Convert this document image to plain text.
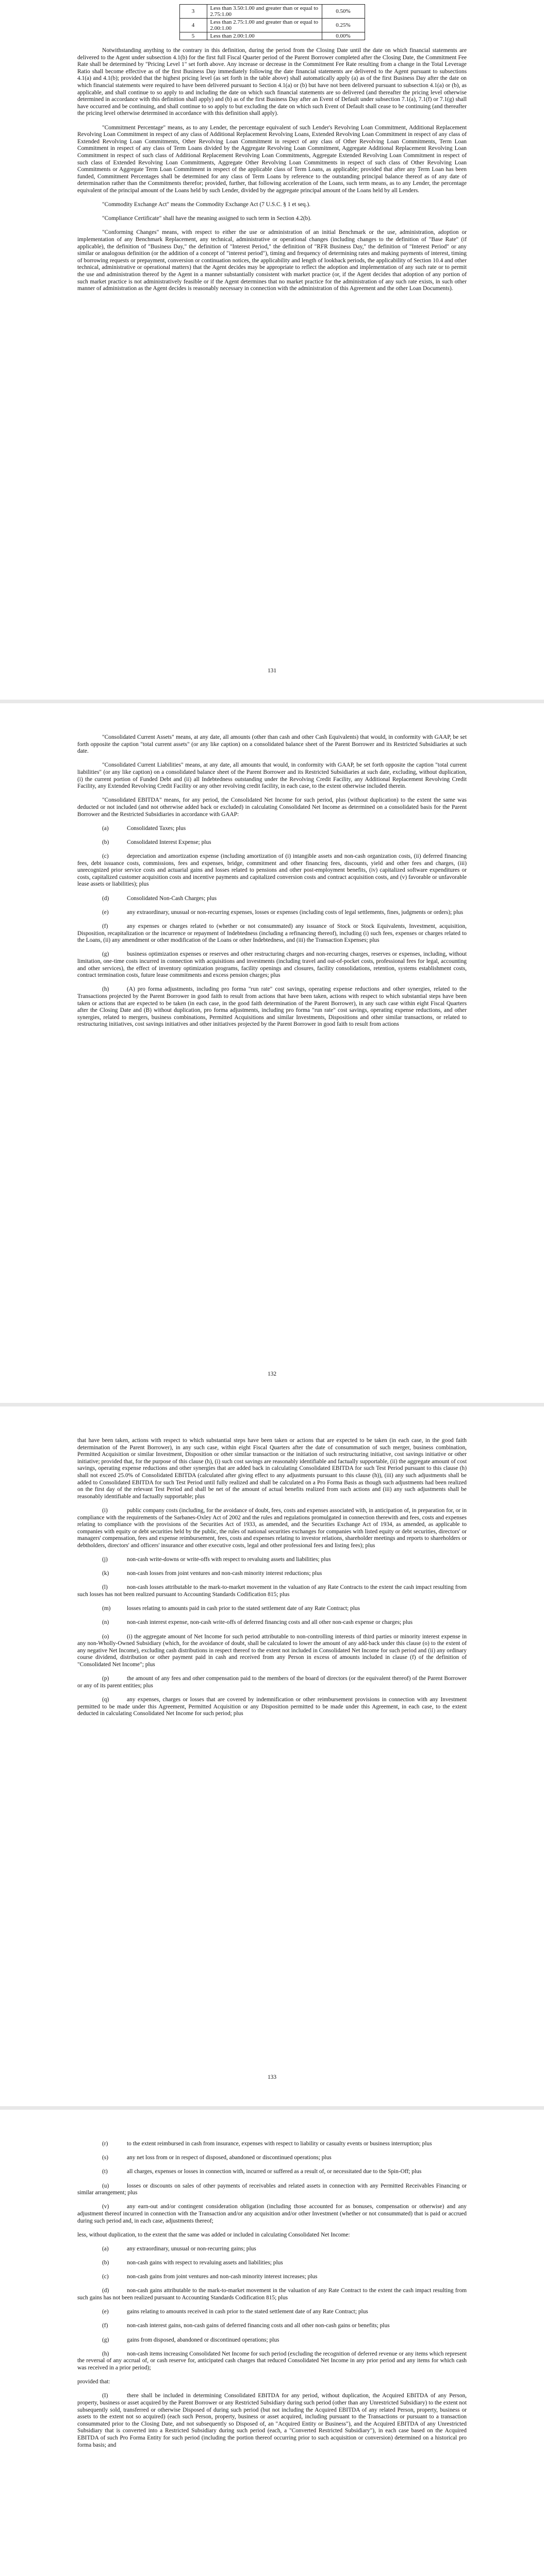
3	Less than 3.50:1.00 and greater than or equal to 2.75:1.00	0.50%
4	Less than 2.75:1.00 and greater than or equal to 2.00:1.00	0.25%
5	Less than 2.00:1.00	0.00%

Notwithstanding anything to the contrary in this definition, during the period from the Closing Date until the date on which financial statements are delivered to the Agent under subsection 4.1(b) for the first full Fiscal Quarter period of the Parent Borrower completed after the Closing Date, the Commitment Fee Rate shall be determined by "Pricing Level 1" set forth above. Any increase or decrease in the Commitment Fee Rate resulting from a change in the Total Leverage Ratio shall become effective as of the first Business Day immediately following the date financial statements are delivered to the Agent pursuant to subsections 4.1(a) and 4.1(b); provided that the highest pricing level (as set forth in the table above) shall automatically apply (a) as of the first Business Day after the date on which financial statements were required to have been delivered pursuant to Section 4.1(a) or (b) but have not been delivered pursuant to subsection 4.1(a) or (b), as applicable, and shall continue to so apply to and including the date on which such financial statements are so delivered (and thereafter the pricing level otherwise determined in accordance with this definition shall apply) and (b) as of the first Business Day after an Event of Default under subsection 7.1(a), 7.1(f) or 7.1(g) shall have occurred and be continuing, and shall continue to so apply to but excluding the date on which such Event of Default shall cease to be continuing (and thereafter the pricing level otherwise determined in accordance with this definition shall apply).

"Commitment Percentage" means, as to any Lender, the percentage equivalent of such Lender's Revolving Loan Commitment, Additional Replacement Revolving Loan Commitment in respect of any class of Additional Replacement Revolving Loans, Extended Revolving Loan Commitment in respect of any class of Extended Revolving Loan Commitments, Other Revolving Loan Commitment in respect of any class of Other Revolving Loan Commitments, Term Loan Commitment in respect of any class of Term Loans divided by the Aggregate Revolving Loan Commitment, Aggregate Additional Replacement Revolving Loan Commitment in respect of such class of Additional Replacement Revolving Loan Commitments, Aggregate Extended Revolving Loan Commitment in respect of such class of Extended Revolving Loan Commitments, Aggregate Other Revolving Loan Commitments in respect of such class of Other Revolving Loan Commitments or Aggregate Term Loan Commitment in respect of the applicable class of Term Loans, as applicable; provided that after any Term Loan has been funded, Commitment Percentages shall be determined for any class of Term Loans by reference to the outstanding principal balance thereof as of any date of determination rather than the Commitments therefor; provided, further, that following acceleration of the Loans, such term means, as to any Lender, the percentage equivalent of the principal amount of the Loans held by such Lender, divided by the aggregate principal amount of the Loans held by all Lenders.

"Commodity Exchange Act" means the Commodity Exchange Act (7 U.S.C. § 1 et seq.).

"Compliance Certificate" shall have the meaning assigned to such term in Section 4.2(b).

"Conforming Changes" means, with respect to either the use or administration of an initial Benchmark or the use, administration, adoption or implementation of any Benchmark Replacement, any technical, administrative or operational changes (including changes to the definition of "Base Rate" (if applicable), the definition of "Business Day," the definition of "Interest Period," the definition of "RFR Business Day," the definition of "Interest Period" or any similar or analogous definition (or the addition of a concept of "interest period"), timing and frequency of determining rates and making payments of interest, timing of borrowing requests or prepayment, conversion or continuation notices, the applicability and length of lookback periods, the applicability of Section 10.4 and other technical, administrative or operational matters) that the Agent decides may be appropriate to reflect the adoption and implementation of any such rate or to permit the use and administration thereof by the Agent in a manner substantially consistent with market practice (or, if the Agent decides that adoption of any portion of such market practice is not administratively feasible or if the Agent determines that no market practice for the administration of any such rate exists, in such other manner of administration as the Agent decides is reasonably necessary in connection with the administration of this Agreement and the other Loan Documents).

131

"Consolidated Current Assets" means, at any date, all amounts (other than cash and other Cash Equivalents) that would, in conformity with GAAP, be set forth opposite the caption "total current assets" (or any like caption) on a consolidated balance sheet of the Parent Borrower and its Restricted Subsidiaries at such date.

"Consolidated Current Liabilities" means, at any date, all amounts that would, in conformity with GAAP, be set forth opposite the caption "total current liabilities" (or any like caption) on a consolidated balance sheet of the Parent Borrower and its Restricted Subsidiaries at such date, excluding, without duplication, (i) the current portion of Funded Debt and (ii) all Indebtedness outstanding under the Revolving Credit Facility, any Additional Replacement Revolving Credit Facility, any Extended Revolving Credit Facility or any other revolving credit facility, in each case, to the extent otherwise included therein.

"Consolidated EBITDA" means, for any period, the Consolidated Net Income for such period, plus (without duplication) to the extent the same was deducted or not included (and not otherwise added back or excluded) in calculating Consolidated Net Income as determined on a consolidated basis for the Parent Borrower and the Restricted Subsidiaries in accordance with GAAP:

(a)	Consolidated Taxes; plus

(b)	Consolidated Interest Expense; plus

(c)	depreciation and amortization expense (including amortization of (i) intangible assets and non-cash organization costs, (ii) deferred financing fees, debt issuance costs, commissions, fees and expenses, bridge, commitment and other financing fees, discounts, yield and other fees and charges, (iii) unrecognized prior service costs and actuarial gains and losses related to pensions and other post-employment benefits, (iv) capitalized software expenditures or costs, capitalized customer acquisition costs and incentive payments and capitalized conversion costs and contract acquisition costs, and (v) favorable or unfavorable lease assets or liabilities); plus

(d)	Consolidated Non-Cash Charges; plus

(e)	any extraordinary, unusual or non-recurring expenses, losses or expenses (including costs of legal settlements, fines, judgments or orders); plus

(f)	any expenses or charges related to (whether or not consummated) any issuance of Stock or Stock Equivalents, Investment, acquisition, Disposition, recapitalization or the incurrence or repayment of Indebtedness (including a refinancing thereof), including (i) such fees, expenses or charges related to the Loans, (ii) any amendment or other modification of the Loans or other Indebtedness, and (iii) the Transaction Expenses; plus

(g)	business optimization expenses or reserves and other restructuring charges and non-recurring charges, reserves or expenses, including, without limitation, one-time costs incurred in connection with acquisitions and investments (including travel and out-of-pocket costs, professional fees for legal, accounting and other services), the effect of inventory optimization programs, facility openings and closures, facility consolidations, retention, systems establishment costs, contract termination costs, future lease commitments and excess pension charges; plus

(h)	(A) pro forma adjustments, including pro forma "run rate" cost savings, operating expense reductions and other synergies, related to the Transactions projected by the Parent Borrower in good faith to result from actions that have been taken, actions with respect to which substantial steps have been taken or actions that are expected to be taken (in each case, in the good faith determination of the Parent Borrower), in any such case within eight Fiscal Quarters after the Closing Date and (B) without duplication, pro forma adjustments, including pro forma "run rate" cost savings, operating expense reductions, and other synergies, related to mergers, business combinations, Permitted Acquisitions and similar Investments, Dispositions and other similar transactions, or related to restructuring initiatives, cost savings initiatives and other initiatives projected by the Parent Borrower in good faith to result from actions

132

that have been taken, actions with respect to which substantial steps have been taken or actions that are expected to be taken (in each case, in the good faith determination of the Parent Borrower), in any such case, within eight Fiscal Quarters after the date of consummation of such merger, business combination, Permitted Acquisition or similar Investment, Disposition or other similar transaction or the initiation of such restructuring initiative, cost savings initiative or other initiative; provided that, for the purpose of this clause (h), (i) such cost savings are reasonably identifiable and factually supportable, (ii) the aggregate amount of cost savings, operating expense reductions and other synergies that are added back in calculating Consolidated EBITDA for such Test Period pursuant to this clause (h) shall not exceed 25.0% of Consolidated EBITDA (calculated after giving effect to any adjustments pursuant to this clause (h)), (iii) any such adjustments shall be added to Consolidated EBITDA for such Test Period until fully realized and shall be calculated on a Pro Forma Basis as though such adjustments had been realized on the first day of the relevant Test Period and shall be net of the amount of actual benefits realized from such actions and (iii) any such adjustments shall be reasonably identifiable and factually supportable; plus

(i)	public company costs (including, for the avoidance of doubt, fees, costs and expenses associated with, in anticipation of, in preparation for, or in compliance with the requirements of the Sarbanes-Oxley Act of 2002 and the rules and regulations promulgated in connection therewith and fees, costs and expenses relating to compliance with the provisions of the Securities Act of 1933, as amended, and the Securities Exchange Act of 1934, as amended, as applicable to companies with equity or debt securities held by the public, the rules of national securities exchanges for companies with listed equity or debt securities, directors' or managers' compensation, fees and expense reimbursement, fees, costs and expenses relating to investor relations, shareholder meetings and reports to shareholders or debtholders, directors' and officers' insurance and other executive costs, legal and other professional fees and listing fees); plus

(j)	non-cash write-downs or write-offs with respect to revaluing assets and liabilities; plus

(k)	non-cash losses from joint ventures and non-cash minority interest reductions; plus

(l)	non-cash losses attributable to the mark-to-market movement in the valuation of any Rate Contracts to the extent the cash impact resulting from such losses has not been realized pursuant to Accounting Standards Codification 815; plus

(m)	losses relating to amounts paid in cash prior to the stated settlement date of any Rate Contract; plus

(n)	non-cash interest expense, non-cash write-offs of deferred financing costs and all other non-cash expense or charges; plus

(o)	(i) the aggregate amount of Net Income for such period attributable to non-controlling interests of third parties or minority interest expense in any non-Wholly-Owned Subsidiary (which, for the avoidance of doubt, shall be calculated to lower the amount of any add-back under this clause (o) to the extent of any negative Net Income), excluding cash distributions in respect thereof to the extent not included in Consolidated Net Income for such period and (ii) any ordinary course dividend, distribution or other payment paid in cash and received from any Person in excess of amounts included in clause (f) of the definition of "Consolidated Net Income"; plus

(p)	the amount of any fees and other compensation paid to the members of the board of directors (or the equivalent thereof) of the Parent Borrower or any of its parent entities; plus

(q)	any expenses, charges or losses that are covered by indemnification or other reimbursement provisions in connection with any Investment permitted to be made under this Agreement, Permitted Acquisition or any Disposition permitted to be made under this Agreement, in each case, to the extent deducted in calculating Consolidated Net Income for such period; plus

133

(r)	to the extent reimbursed in cash from insurance, expenses with respect to liability or casualty events or business interruption; plus

(s)	any net loss from or in respect of disposed, abandoned or discontinued operations; plus

(t)	all charges, expenses or losses in connection with, incurred or suffered as a result of, or necessitated due to the Spin-Off; plus

(u)	losses or discounts on sales of other payments of receivables and related assets in connection with any Permitted Receivables Financing or similar arrangement; plus

(v)	any earn-out and/or contingent consideration obligation (including those accounted for as bonuses, compensation or otherwise) and any adjustment thereof incurred in connection with the Transaction and/or any acquisition and/or other Investment (whether or not consummated) that is paid or accrued during such period and, in each case, adjustments thereof;

less, without duplication, to the extent that the same was added or included in calculating Consolidated Net Income:

(a)	any extraordinary, unusual or non-recurring gains; plus

(b)	non-cash gains with respect to revaluing assets and liabilities; plus

(c)	non-cash gains from joint ventures and non-cash minority interest increases; plus

(d)	non-cash gains attributable to the mark-to-market movement in the valuation of any Rate Contract to the extent the cash impact resulting from such gains has not been realized pursuant to Accounting Standards Codification 815; plus

(e)	gains relating to amounts received in cash prior to the stated settlement date of any Rate Contract; plus

(f)	non-cash interest gains, non-cash gains of deferred financing costs and all other non-cash gains or benefits; plus

(g)	gains from disposed, abandoned or discontinued operations; plus

(h)	non-cash items increasing Consolidated Net Income for such period (excluding the recognition of deferred revenue or any items which represent the reversal of any accrual of, or cash reserve for, anticipated cash charges that reduced Consolidated Net Income in any prior period and any items for which cash was received in a prior period);

provided that:

(I)	there shall be included in determining Consolidated EBITDA for any period, without duplication, the Acquired EBITDA of any Person, property, business or asset acquired by the Parent Borrower or any Restricted Subsidiary during such period (other than any Unrestricted Subsidiary) to the extent not subsequently sold, transferred or otherwise Disposed of during such period (but not including the Acquired EBITDA of any related Person, property, business or assets to the extent not so acquired) (each such Person, property, business or asset acquired, including pursuant to the Transactions or pursuant to a transaction consummated prior to the Closing Date, and not subsequently so Disposed of, an "Acquired Entity or Business"), and the Acquired EBITDA of any Unrestricted Subsidiary that is converted into a Restricted Subsidiary during such period (each, a "Converted Restricted Subsidiary"), in each case based on the Acquired EBITDA of such Pro Forma Entity for such period (including the portion thereof occurring prior to such acquisition or conversion) determined on a historical pro forma basis; and
